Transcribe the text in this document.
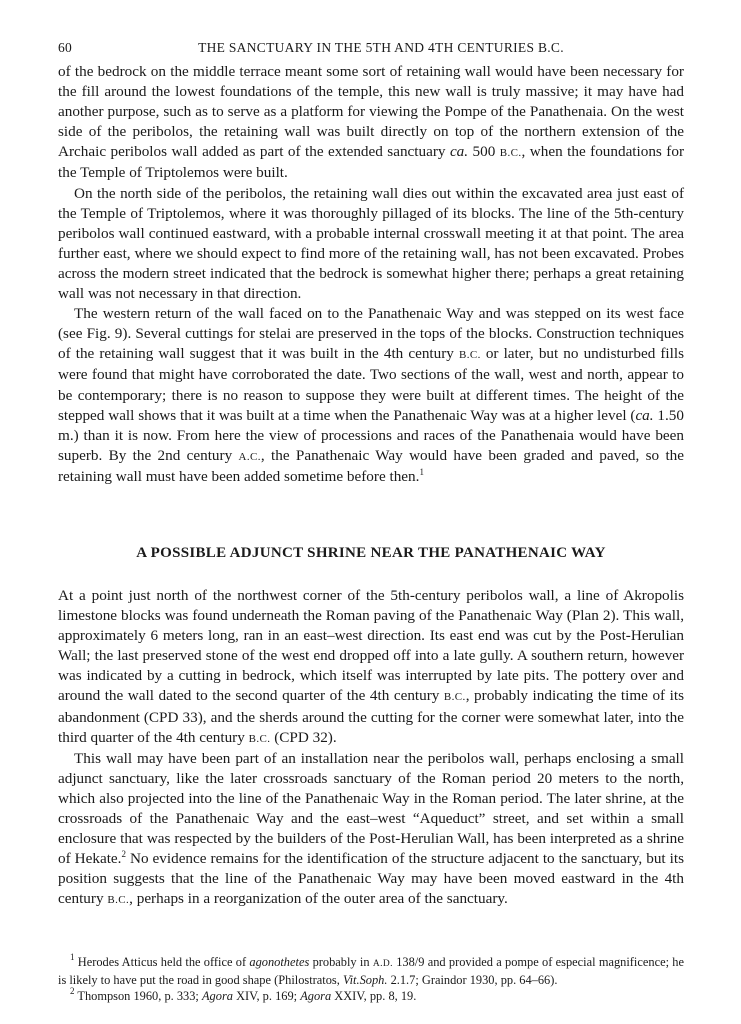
60	THE SANCTUARY IN THE 5TH AND 4TH CENTURIES B.C.

of the bedrock on the middle terrace meant some sort of retaining wall would have been necessary for the fill around the lowest foundations of the temple, this new wall is truly massive; it may have had another purpose, such as to serve as a platform for viewing the Pompe of the Panathenaia. On the west side of the peribolos, the retaining wall was built directly on top of the northern extension of the Archaic peribolos wall added as part of the extended sanctuary ca. 500 B.C., when the foundations for the Temple of Triptolemos were built.

On the north side of the peribolos, the retaining wall dies out within the excavated area just east of the Temple of Triptolemos, where it was thoroughly pillaged of its blocks. The line of the 5th-century peribolos wall continued eastward, with a probable internal crosswall meeting it at that point. The area further east, where we should expect to find more of the retaining wall, has not been excavated. Probes across the modern street indicated that the bedrock is somewhat higher there; perhaps a great retaining wall was not necessary in that direction.

The western return of the wall faced on to the Panathenaic Way and was stepped on its west face (see Fig. 9). Several cuttings for stelai are preserved in the tops of the blocks. Construction techniques of the retaining wall suggest that it was built in the 4th century B.C. or later, but no undisturbed fills were found that might have corroborated the date. Two sections of the wall, west and north, appear to be contemporary; there is no reason to suppose they were built at different times. The height of the stepped wall shows that it was built at a time when the Panathenaic Way was at a higher level (ca. 1.50 m.) than it is now. From here the view of processions and races of the Panathenaia would have been superb. By the 2nd century A.C., the Panathenaic Way would have been graded and paved, so the retaining wall must have been added sometime before then.$^1$

A POSSIBLE ADJUNCT SHRINE NEAR THE PANATHENAIC WAY

At a point just north of the northwest corner of the 5th-century peribolos wall, a line of Akropolis limestone blocks was found underneath the Roman paving of the Panathenaic Way (Plan 2). This wall, approximately 6 meters long, ran in an east–west direction. Its east end was cut by the Post-Herulian Wall; the last preserved stone of the west end dropped off into a late gully. A southern return, however was indicated by a cutting in bedrock, which itself was interrupted by late pits. The pottery over and around the wall dated to the second quarter of the 4th century B.C., probably indicating the time of its abandonment (CPD 33), and the sherds around the cutting for the corner were somewhat later, into the third quarter of the 4th century B.C. (CPD 32).

This wall may have been part of an installation near the peribolos wall, perhaps enclosing a small adjunct sanctuary, like the later crossroads sanctuary of the Roman period 20 meters to the north, which also projected into the line of the Panathenaic Way in the Roman period. The later shrine, at the crossroads of the Panathenaic Way and the east–west “Aqueduct” street, and set within a small enclosure that was respected by the builders of the Post-Herulian Wall, has been interpreted as a shrine of Hekate.$^2$ No evidence remains for the identification of the structure adjacent to the sanctuary, but its position suggests that the line of the Panathenaic Way may have been moved eastward in the 4th century B.C., perhaps in a reorganization of the outer area of the sanctuary.

$^1$ Herodes Atticus held the office of agonothetes probably in A.D. 138/9 and provided a pompe of especial magnificence; he is likely to have put the road in good shape (Philostratos, Vit.Soph. 2.1.7; Graindor 1930, pp. 64–66).

$^2$ Thompson 1960, p. 333; Agora XIV, p. 169; Agora XXIV, pp. 8, 19.
